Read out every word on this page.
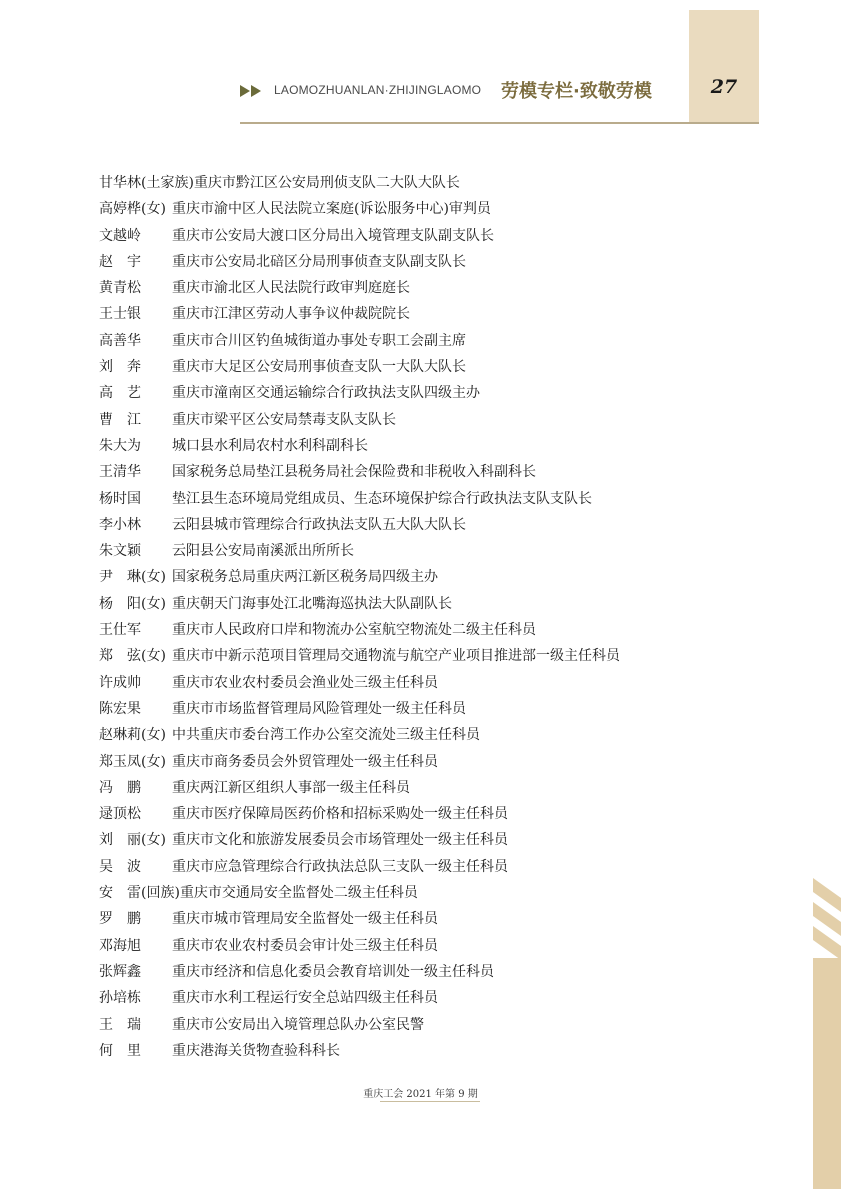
27
LAOMOZHUANLAN·ZHIJINGLAOMO 劳模专栏·致敬劳模
甘华林(土家族) 重庆市黔江区公安局刑侦支队二大队大队长
高婷桦(女) 重庆市渝中区人民法院立案庭(诉讼服务中心)审判员
文越岭	重庆市公安局大渡口区分局出入境管理支队副支队长
赵　宇	重庆市公安局北碚区分局刑事侦查支队副支队长
黄青松	重庆市渝北区人民法院行政审判庭庭长
王士银	重庆市江津区劳动人事争议仲裁院院长
高善华	重庆市合川区钓鱼城街道办事处专职工会副主席
刘　奔	重庆市大足区公安局刑事侦查支队一大队大队长
高　艺	重庆市潼南区交通运输综合行政执法支队四级主办
曹　江	重庆市梁平区公安局禁毒支队支队长
朱大为	城口县水利局农村水利科副科长
王清华	国家税务总局垫江县税务局社会保险费和非税收入科副科长
杨时国	垫江县生态环境局党组成员、生态环境保护综合行政执法支队支队长
李小林	云阳县城市管理综合行政执法支队五大队大队长
朱文颖	云阳县公安局南溪派出所所长
尹　琳(女) 国家税务总局重庆两江新区税务局四级主办
杨　阳(女) 重庆朝天门海事处江北嘴海巡执法大队副队长
王仕军	重庆市人民政府口岸和物流办公室航空物流处二级主任科员
郑　弦(女) 重庆市中新示范项目管理局交通物流与航空产业项目推进部一级主任科员
许成帅	重庆市农业农村委员会渔业处三级主任科员
陈宏果	重庆市市场监督管理局风险管理处一级主任科员
赵琳莉(女) 中共重庆市委台湾工作办公室交流处三级主任科员
郑玉凤(女) 重庆市商务委员会外贸管理处一级主任科员
冯　鹏	重庆两江新区组织人事部一级主任科员
逯顶松	重庆市医疗保障局医药价格和招标采购处一级主任科员
刘　丽(女) 重庆市文化和旅游发展委员会市场管理处一级主任科员
吴　波	重庆市应急管理综合行政执法总队三支队一级主任科员
安　雷(回族) 重庆市交通局安全监督处二级主任科员
罗　鹏	重庆市城市管理局安全监督处一级主任科员
邓海旭	重庆市农业农村委员会审计处三级主任科员
张辉鑫	重庆市经济和信息化委员会教育培训处一级主任科员
孙培栋	重庆市水利工程运行安全总站四级主任科员
王　瑞	重庆市公安局出入境管理总队办公室民警
何　里	重庆港海关货物查验科科长
重庆工会 2021 年第 9 期
